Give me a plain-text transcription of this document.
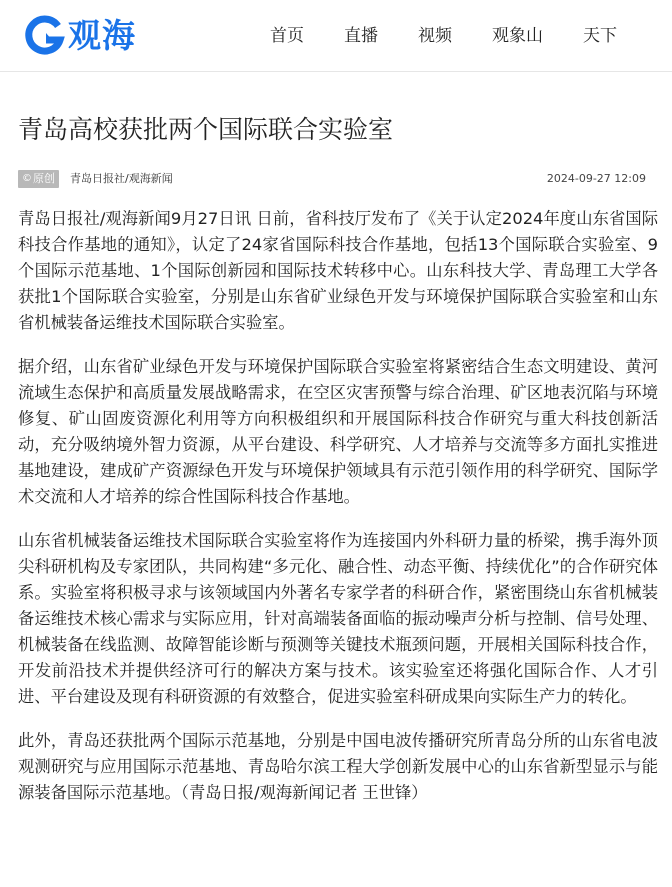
观海	首页 直播 视频 观象山 天下
青岛高校获批两个国际联合实验室
© 原创 青岛日报社/观海新闻	2024-09-27 12:09

青岛日报社/观海新闻9月27日讯 日前，省科技厅发布了《关于认定2024年度山东省国际科技合作基地的通知》，认定了24家省国际科技合作基地，包括13个国际联合实验室、9个国际示范基地、1个国际创新园和国际技术转移中心。山东科技大学、青岛理工大学各获批1个国际联合实验室，分别是山东省矿业绿色开发与环境保护国际联合实验室和山东省机械装备运维技术国际联合实验室。

据介绍，山东省矿业绿色开发与环境保护国际联合实验室将紧密结合生态文明建设、黄河流域生态保护和高质量发展战略需求，在空区灾害预警与综合治理、矿区地表沉陷与环境修复、矿山固废资源化利用等方向积极组织和开展国际科技合作研究与重大科技创新活动，充分吸纳境外智力资源，从平台建设、科学研究、人才培养与交流等多方面扎实推进基地建设，建成矿产资源绿色开发与环境保护领域具有示范引领作用的科学研究、国际学术交流和人才培养的综合性国际科技合作基地。

山东省机械装备运维技术国际联合实验室将作为连接国内外科研力量的桥梁，携手海外顶尖科研机构及专家团队，共同构建“多元化、融合性、动态平衡、持续优化”的合作研究体系。实验室将积极寻求与该领域国内外著名专家学者的科研合作，紧密围绕山东省机械装备运维技术核心需求与实际应用，针对高端装备面临的振动噪声分析与控制、信号处理、机械装备在线监测、故障智能诊断与预测等关键技术瓶颈问题，开展相关国际科技合作，开发前沿技术并提供经济可行的解决方案与技术。该实验室还将强化国际合作、人才引进、平台建设及现有科研资源的有效整合，促进实验室科研成果向实际生产力的转化。

此外，青岛还获批两个国际示范基地，分别是中国电波传播研究所青岛分所的山东省电波观测研究与应用国际示范基地、青岛哈尔滨工程大学创新发展中心的山东省新型显示与能源装备国际示范基地。（青岛日报/观海新闻记者 王世锋）
